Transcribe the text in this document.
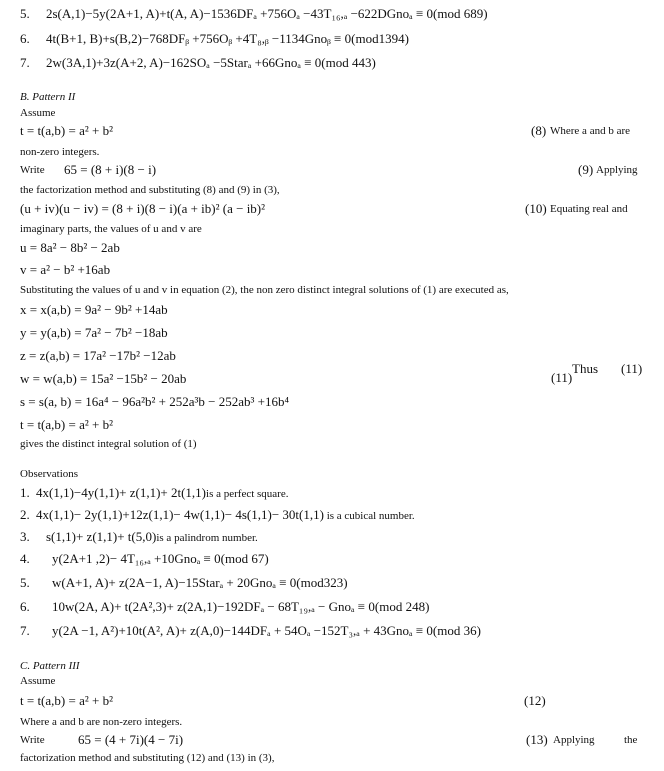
5. 2s(A,1)−5y(2A+1, A)+t(A, A)−1536DFₐ +756Oₐ −43T₁₆,ₐ −622DGnoₐ ≡ 0(mod 689)
6. 4t(B+1, B)+s(B,2)−768DFᵦ +756Oᵦ +4T₈,ᵦ −1134Gnoᵦ ≡ 0(mod1394)
7. 2w(3A,1)+3z(A+2, A)−162SOₐ −5Starₐ +66Gnoₐ ≡ 0(mod 443)
B. Pattern II
Assume
t = t(a,b) = a² + b²	(8) Where a and b are
non-zero integers.
Write 65 = (8 + i)(8 − i)	(9) Applying
the factorization method and substituting (8) and (9) in (3),
(u + iv)(u − iv) = (8 + i)(8 − i)(a + ib)² (a − ib)²	(10) Equating real and
imaginary parts, the values of u and v are
u = 8a² − 8b² − 2ab
v = a² − b² +16ab
Substituting the values of u and v in equation (2), the non zero distinct integral solutions of (1) are executed as,
x = x(a,b) = 9a² − 9b² +14ab
y = y(a,b) = 7a² − 7b² −18ab
z = z(a,b) = 17a² −17b² −12ab
w = w(a,b) = 15a² −15b² − 20ab
s = s(a, b) = 16a⁴ − 96a²b² + 252a³b − 252ab³ +16b⁴
t = t(a,b) = a² + b²
(11)
Thus (11)
gives the distinct integral solution of (1)
Observations
1. 4x(1,1)−4y(1,1)+ z(1,1)+ 2t(1,1)is a perfect square.
2. 4x(1,1)− 2y(1,1)+12z(1,1)− 4w(1,1)− 4s(1,1)− 30t(1,1) is a cubical number.
3. s(1,1)+ z(1,1)+ t(5,0)is a palindrom number.
4. y(2A+1 ,2)− 4T₁₆,ₐ +10Gnoₐ ≡ 0(mod 67)
5. w(A+1, A)+ z(2A−1, A)−15Starₐ + 20Gnoₐ ≡ 0(mod323)
6. 10w(2A, A)+ t(2A²,3)+ z(2A,1)−192DFₐ − 68T₁₉,ₐ − Gnoₐ ≡ 0(mod 248)
7. y(2A −1, A²)+10t(A², A)+ z(A,0)−144DFₐ + 54Oₐ −152T₃,ₐ + 43Gnoₐ ≡ 0(mod 36)
C. Pattern III
Assume
t = t(a,b) = a² + b²	(12)
Where a and b are non-zero integers.
Write	65 = (4 + 7i)(4 − 7i)	(13) Applying	the
factorization method and substituting (12) and (13) in (3),
